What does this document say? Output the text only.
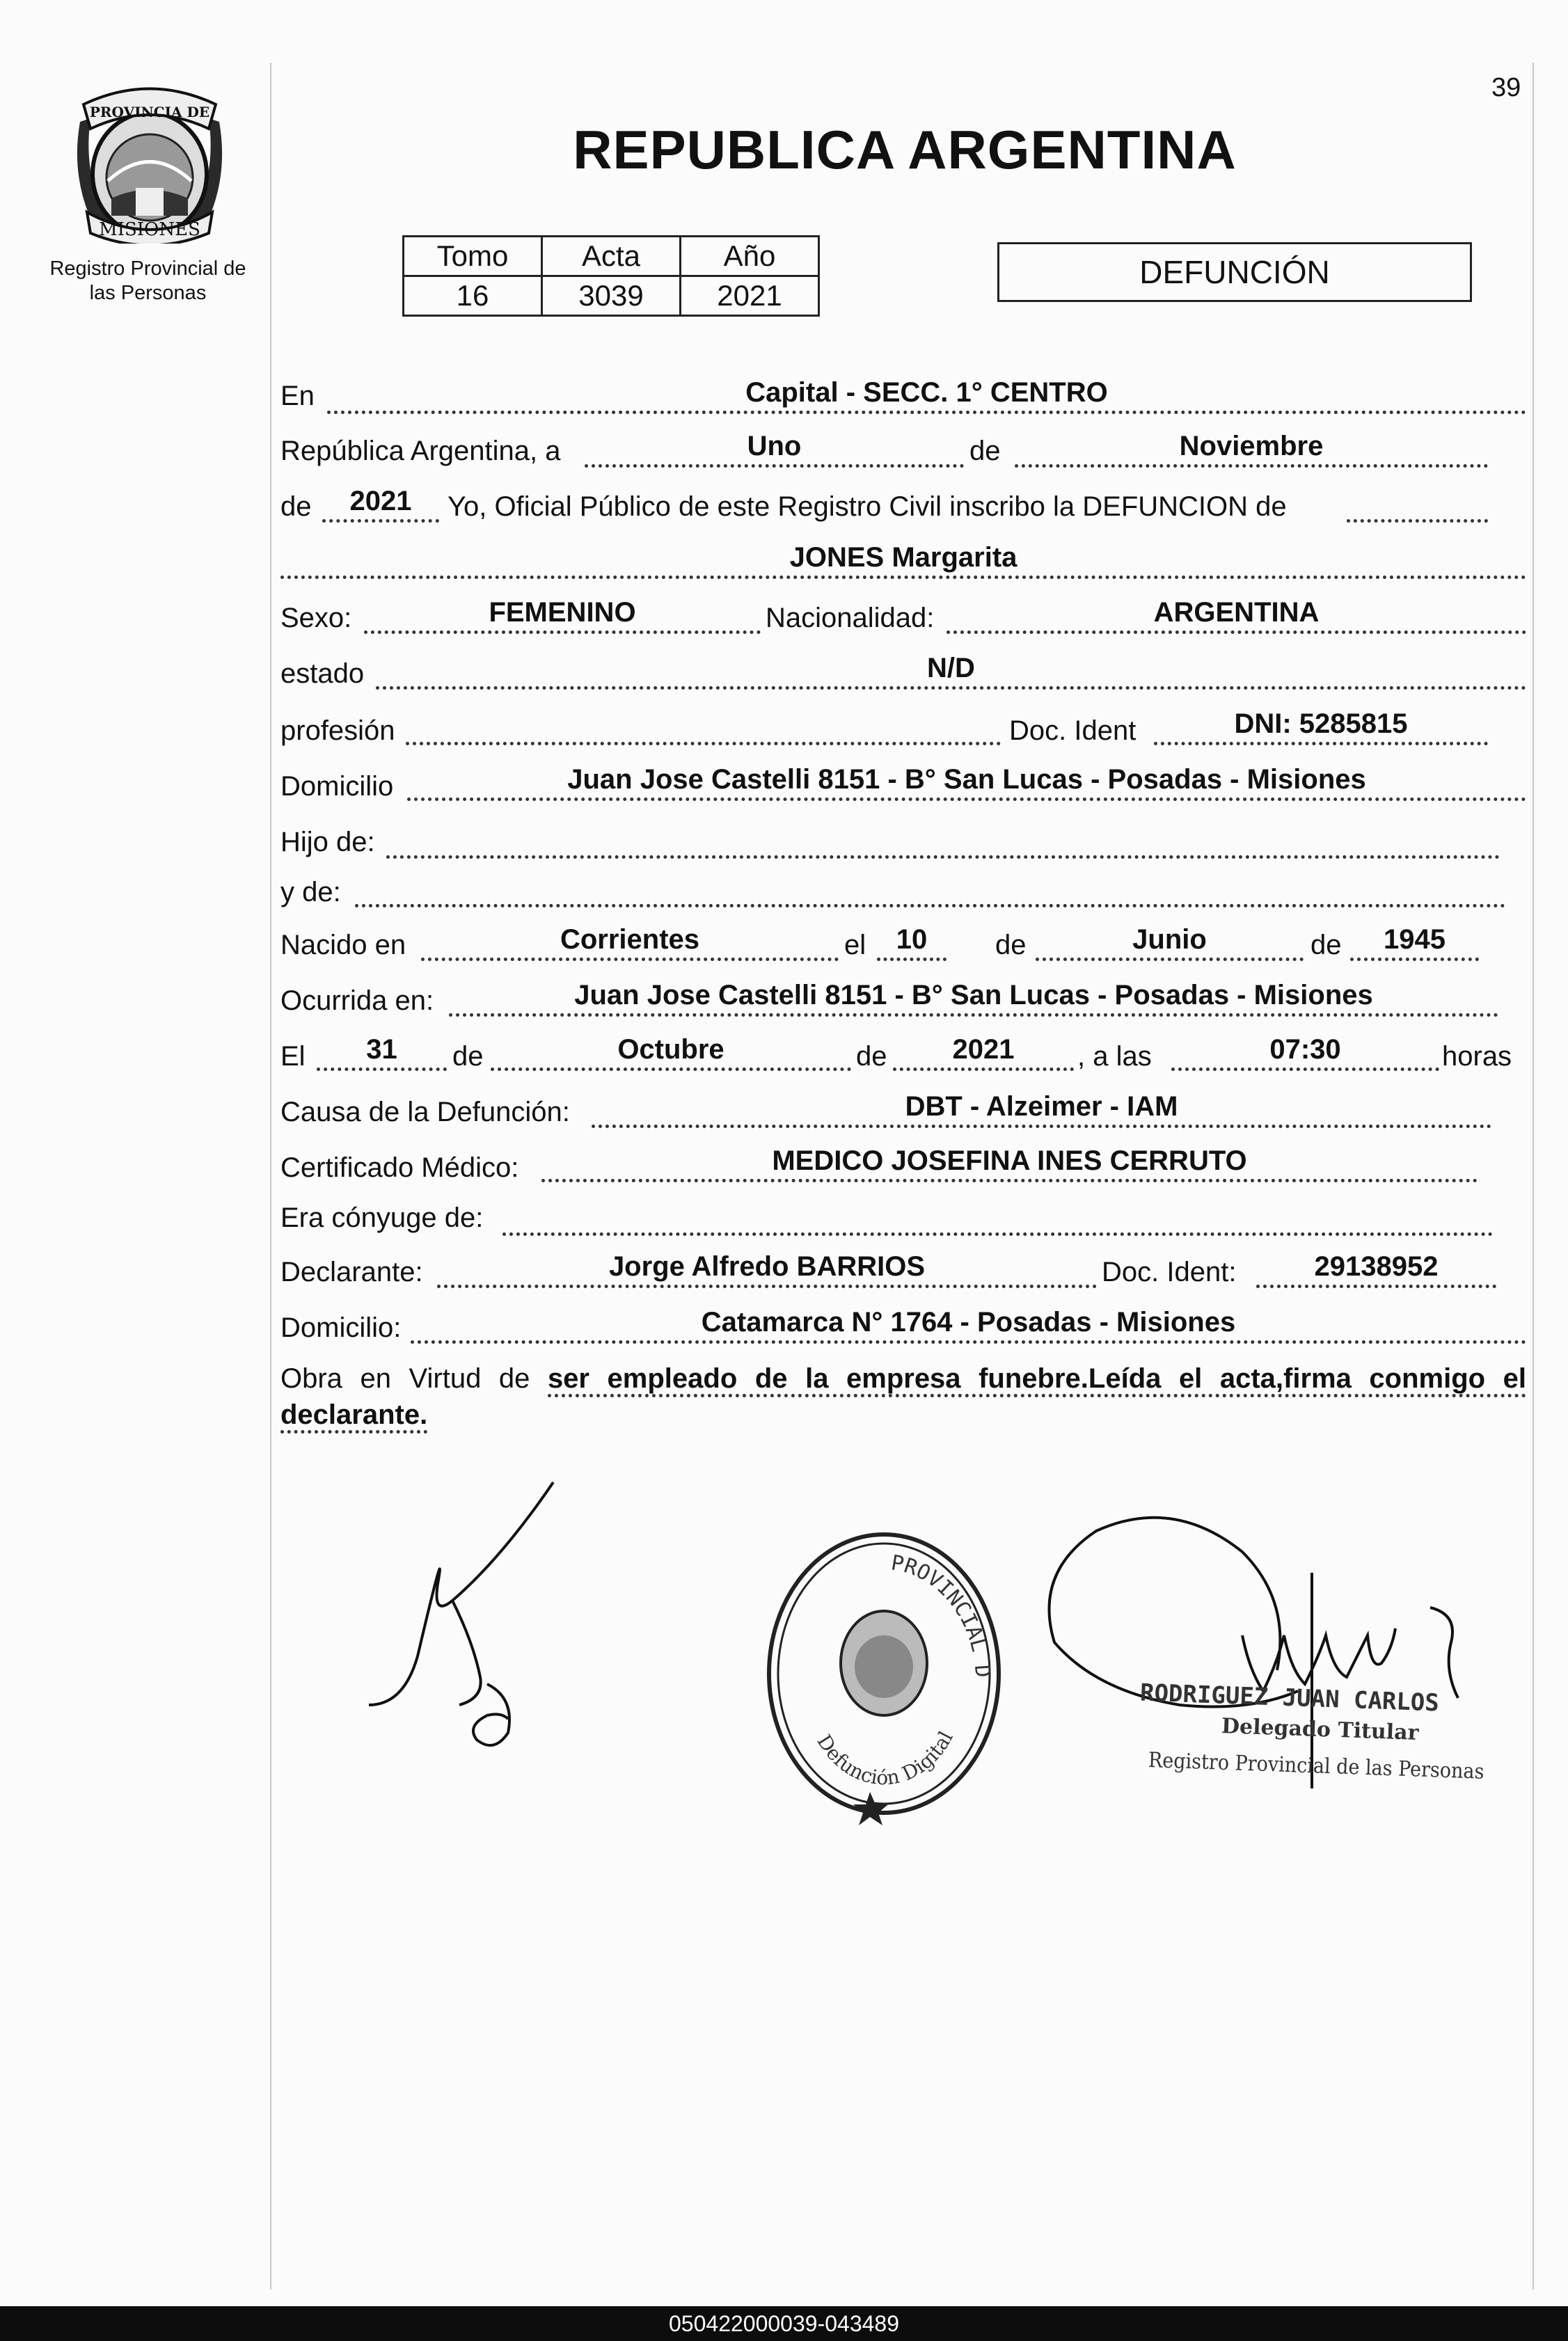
39
PROVINCIA DE
MISIONES
Registro Provincial de
las Personas
REPUBLICA ARGENTINA
Tomo	Acta	Año
16	3039	2021
DEFUNCIÓN
En	Capital - SECC. 1° CENTRO
República Argentina, a	Uno	de	Noviembre
de	2021	Yo, Oficial Público de este Registro Civil inscribo la DEFUNCION de
JONES Margarita
Sexo:	FEMENINO	Nacionalidad:	ARGENTINA
estado	N/D
profesión	Doc. Ident	DNI: 5285815
Domicilio	Juan Jose Castelli 8151 - B° San Lucas - Posadas - Misiones
Hijo de:
y de:
Nacido en	Corrientes	el	10	de	Junio	de	1945
Ocurrida en:	Juan Jose Castelli 8151 - B° San Lucas - Posadas - Misiones
El	31	de	Octubre	de	2021	, a las	07:30	horas
Causa de la Defunción:	DBT - Alzeimer - IAM
Certificado Médico:	MEDICO JOSEFINA INES CERRUTO
Era cónyuge de:
Declarante:	Jorge Alfredo BARRIOS	Doc. Ident:	29138952
Domicilio:	Catamarca N° 1764 - Posadas - Misiones
Obra en Virtud de ser empleado de la empresa funebre.Leída el acta,firma conmigo el declarante.
PROVINCIAL D
Defunción Digital
RODRIGUEZ JUAN CARLOS
Delegado Titular
Registro Provincial de las Personas
050422000039-043489
